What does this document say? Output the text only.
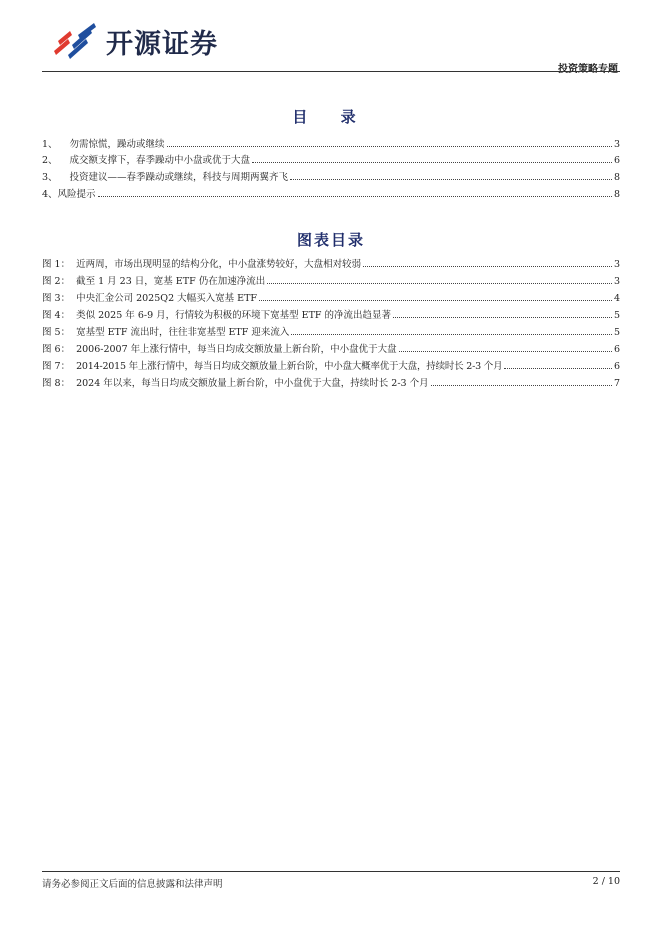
开源证券
投资策略专题
目 录
1、 勿需惊慌，躁动或继续	3
2、 成交额支撑下，春季躁动中小盘或优于大盘	6
3、 投资建议——春季躁动或继续，科技与周期两翼齐飞	8
4、 风险提示	8
图表目录
图 1： 近两周，市场出现明显的结构分化，中小盘涨势较好，大盘相对较弱	3
图 2： 截至 1 月 23 日，宽基 ETF 仍在加速净流出	3
图 3： 中央汇金公司 2025Q2 大幅买入宽基 ETF	4
图 4： 类似 2025 年 6-9 月，行情较为积极的环境下宽基型 ETF 的净流出趋显著	5
图 5： 宽基型 ETF 流出时，往往非宽基型 ETF 迎来流入	5
图 6： 2006-2007 年上涨行情中，每当日均成交额放量上新台阶，中小盘优于大盘	6
图 7： 2014-2015 年上涨行情中，每当日均成交额放量上新台阶，中小盘大概率优于大盘，持续时长 2-3 个月	6
图 8： 2024 年以来，每当日均成交额放量上新台阶，中小盘优于大盘，持续时长 2-3 个月	7
请务必参阅正文后面的信息披露和法律声明	2 / 10
